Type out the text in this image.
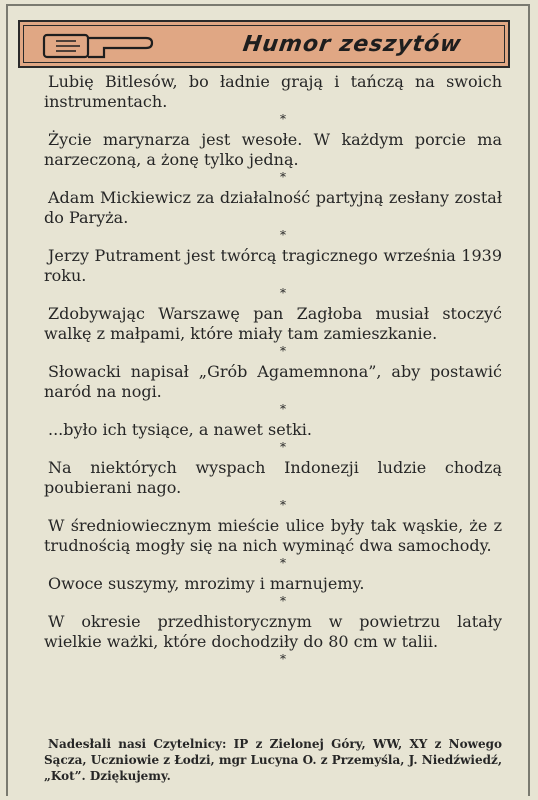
Humor zeszytów

Lubię Bitlesów, bo ładnie grają i tańczą na swoich instrumentach.

*

Życie marynarza jest wesołe. W każdym porcie ma narzeczoną, a żonę tylko jedną.

*

Adam Mickiewicz za działalność partyjną zesłany został do Paryża.

*

Jerzy Putrament jest twórcą tragicznego września 1939 roku.

*

Zdobywając Warszawę pan Zagłoba musiał stoczyć walkę z małpami, które miały tam zamieszkanie.

*

Słowacki napisał „Grób Agamemnona”, aby postawić naród na nogi.

*

...było ich tysiące, a nawet setki.

*

Na niektórych wyspach Indonezji ludzie chodzą poubierani nago.

*

W średniowiecznym mieście ulice były tak wąskie, że z trudnością mogły się na nich wyminąć dwa samochody.

*

Owoce suszymy, mrozimy i marnujemy.

*

W okresie przedhistorycznym w powietrzu latały wielkie ważki, które dochodziły do 80 cm w talii.

*
Nadesłali nasi Czytelnicy: IP z Zielonej Góry, WW, XY z Nowego Sącza, Uczniowie z Łodzi, mgr Lucyna O. z Przemyśla, J. Niedźwiedź, „Kot”. Dziękujemy.
